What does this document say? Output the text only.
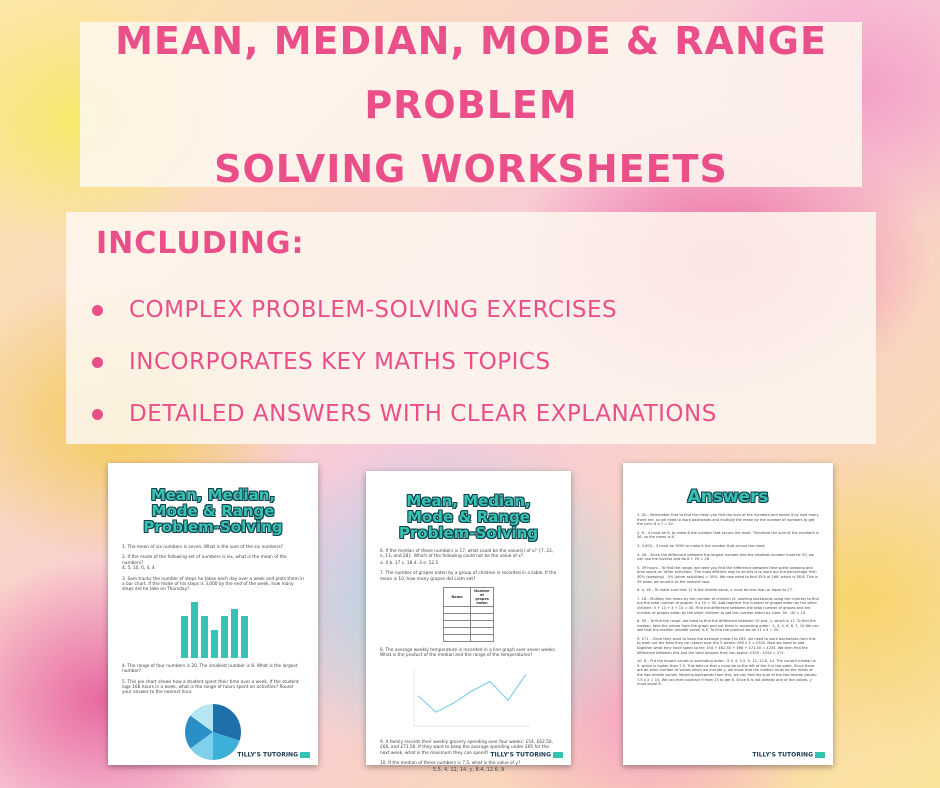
MEAN, MEDIAN, MODE & RANGE PROBLEM
SOLVING WORKSHEETS
INCLUDING:
COMPLEX PROBLEM-SOLVING EXERCISES
INCORPORATES KEY MATHS TOPICS
DETAILED ANSWERS WITH CLEAR EXPLANATIONS
Mean, Median, Mode & Range Problem-Solving
1. The mean of six numbers is seven. What is the sum of the six numbers?
2. If the mode of the following set of numbers is six, what is the mean of the numbers?
4, 5, 10, 6, 4, 4
3. Sam tracks the number of steps he takes each day over a week and plots them in a bar chart. If the mode of his steps is 3,000 by the end of the week, how many steps did he take on Thursday?
4. The range of four numbers is 20. The smallest number is 8. What is the largest number?
5. This pie chart shows how a student spent their time over a week. If the student logs 168 hours in a week, what is the range of hours spent on activities? Round your answer to the nearest hour.
TILLY'S TUTORING
Mean, Median, Mode & Range Problem-Solving
6. If the median of these numbers is 17, what could be the value(s) of x? {7, 22, x, 13, and 28}. Which of the following could not be the value of x?
a. 4 b. 17 c. 18 d. 3 e. 12.5
7. The number of grapes eaten by a group of children is recorded in a table. If the mean is 10, how many grapes did Liam eat?
Name	Number of grapes eaten

8. The average weekly temperature is recorded in a line graph over seven weeks. What is the product of the median and the range of the temperatures?
9. A family records their weekly grocery spending over four weeks: £54, £62.50, £66, and £71.50. If they want to keep the average spending under £65 for the next week, what is the maximum they can spend?
10. If the median of these numbers is 7.5, what is the value of y?
5.5, 4, 12, 14, y, 8.4, 12.6, 9
TILLY'S TUTORING
Answers
1. 42 – Remember that to find the mean you find the sum of the numbers and divide it by how many there are, so we need to work backwards and multiply the mean by the number of numbers to get the sum: 6 x 7 = 42.
2. 6 – 4 must be 6, to make 6 the number that occurs the most. Therefore the sum of the numbers is 36, so the mean is 6.
3. 3,000 – 3 must be 3000 to make it the number that occurs the most.
4. 28 – Since the difference between the largest number and the smallest number must be 20, we can use the inverse and do 8 + 20 = 28.
5. 39 hours – To find the range, we need you find the difference between time spent sleeping and time spent on 'other activities'. The most efficient way to do this is to work out the percentage first: 40% (sleeping) - 5% (other activities) = 35%. We now need to find 35% of 168, which is 58.8. This is 39 when we round it to the nearest hour.
6. a, 18 – To make sure that 17 is the middle value, x must be less than or equal to 17.
7. 18 – Multiply the mean by the number of children (4, working backwards using the inverse) to find out the total number of grapes: 5 x 10 = 50. Add together the number of grapes eaten by the other children: 5 + 13 + 4 + 15 = 40. Find the difference between the total number of grapes and the number of grapes eaten by the other children to get the number eaten by Liam: 50 - 40 = 10.
8. 55 – To find the range, we need to find the difference between 10 and -1, which is 11. To find the median, take the values from the graph and put them in ascending order: -1, 3, 4, 6, 6, 7, 10 We can see that the median (middle value) is 5. To find the product we do 11 x 5 = 55.
9. £71 – Since they want to keep the average (mean) to £65, we need to work backwards from this to work out the total they can spend over the 5 weeks: £65 x 5 = £325. Now we need to add together what they have spent so far: £54 + £62.50 + £66 + £71.50 = £254. We then find the difference between this and the total amount they can spend: £325 - £254 = £71.
10. 6 – Put the known values in ascending order: -5.5, 4, 5.5, 9, 12, 12.6, 14. The current median is 9, which is higher than 7.5. This tells us that y must be to the left of the 9 in the order. Since there are an even number of values when we include y, we know that the median must be the mean of the two middle values. Working backwards from this, we can find the sum of the two middle values: 7.5 x 2 = 15. We can then subtract 9 from 15 to get 6. Since 6 is not already one of the values, y must equal 6.
TILLY'S TUTORING
